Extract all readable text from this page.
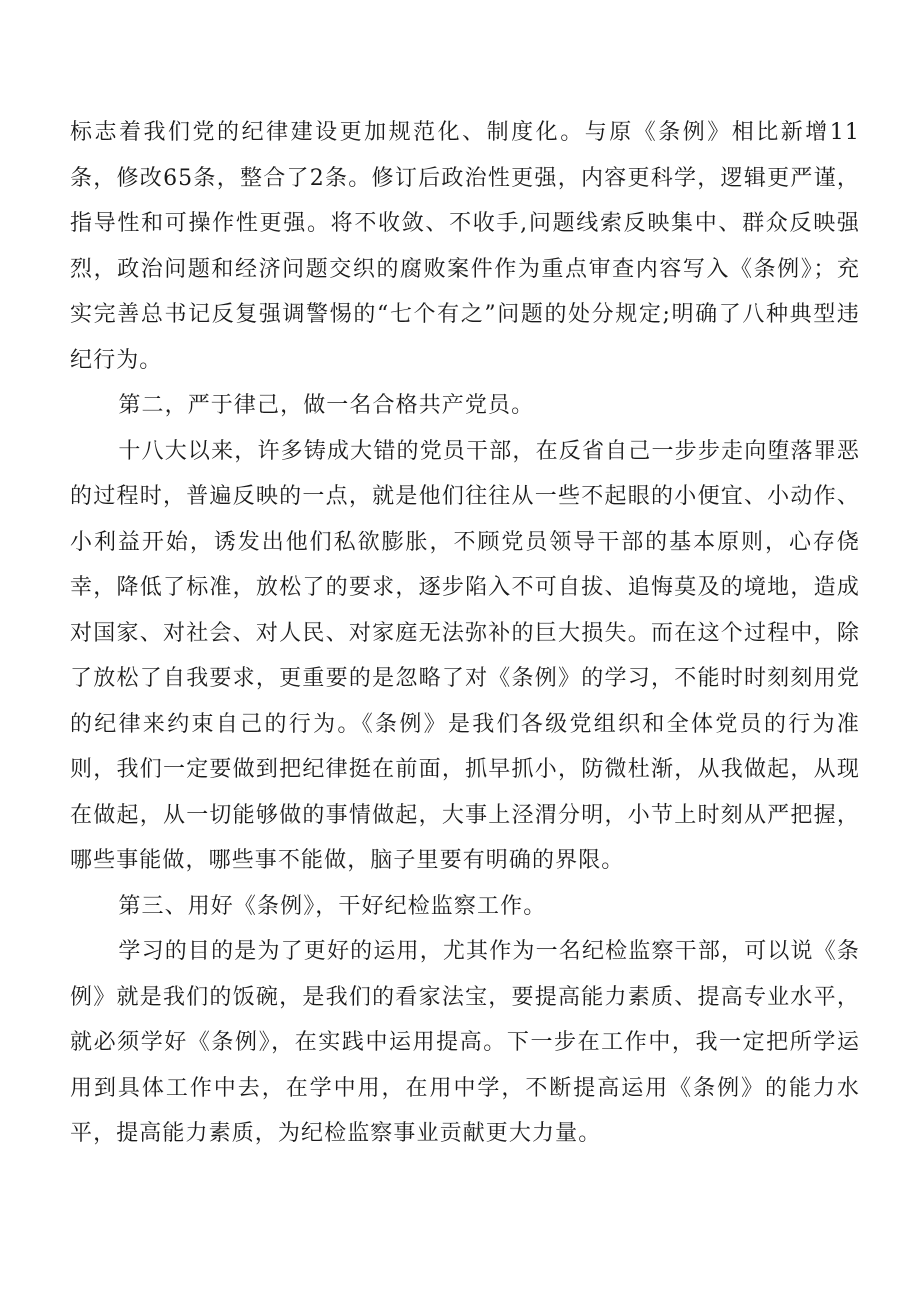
标志着我们党的纪律建设更加规范化、制度化。与原《条例》相比新增11条，修改65条，整合了2条。修订后政治性更强，内容更科学，逻辑更严谨，指导性和可操作性更强。将不收敛、不收手,问题线索反映集中、群众反映强烈，政治问题和经济问题交织的腐败案件作为重点审查内容写入《条例》；充实完善总书记反复强调警惕的“七个有之”问题的处分规定;明确了八种典型违纪行为。

第二，严于律己，做一名合格共产党员。

十八大以来，许多铸成大错的党员干部，在反省自己一步步走向堕落罪恶的过程时，普遍反映的一点，就是他们往往从一些不起眼的小便宜、小动作、小利益开始，诱发出他们私欲膨胀，不顾党员领导干部的基本原则，心存侥幸，降低了标准，放松了的要求，逐步陷入不可自拔、追悔莫及的境地，造成对国家、对社会、对人民、对家庭无法弥补的巨大损失。而在这个过程中，除了放松了自我要求，更重要的是忽略了对《条例》的学习，不能时时刻刻用党的纪律来约束自己的行为。《条例》是我们各级党组织和全体党员的行为准则，我们一定要做到把纪律挺在前面，抓早抓小，防微杜渐，从我做起，从现在做起，从一切能够做的事情做起，大事上泾渭分明，小节上时刻从严把握，哪些事能做，哪些事不能做，脑子里要有明确的界限。

第三、用好《条例》，干好纪检监察工作。

学习的目的是为了更好的运用，尤其作为一名纪检监察干部，可以说《条例》就是我们的饭碗，是我们的看家法宝，要提高能力素质、提高专业水平，就必须学好《条例》，在实践中运用提高。下一步在工作中，我一定把所学运用到具体工作中去，在学中用，在用中学，不断提高运用《条例》的能力水平，提高能力素质，为纪检监察事业贡献更大力量。
